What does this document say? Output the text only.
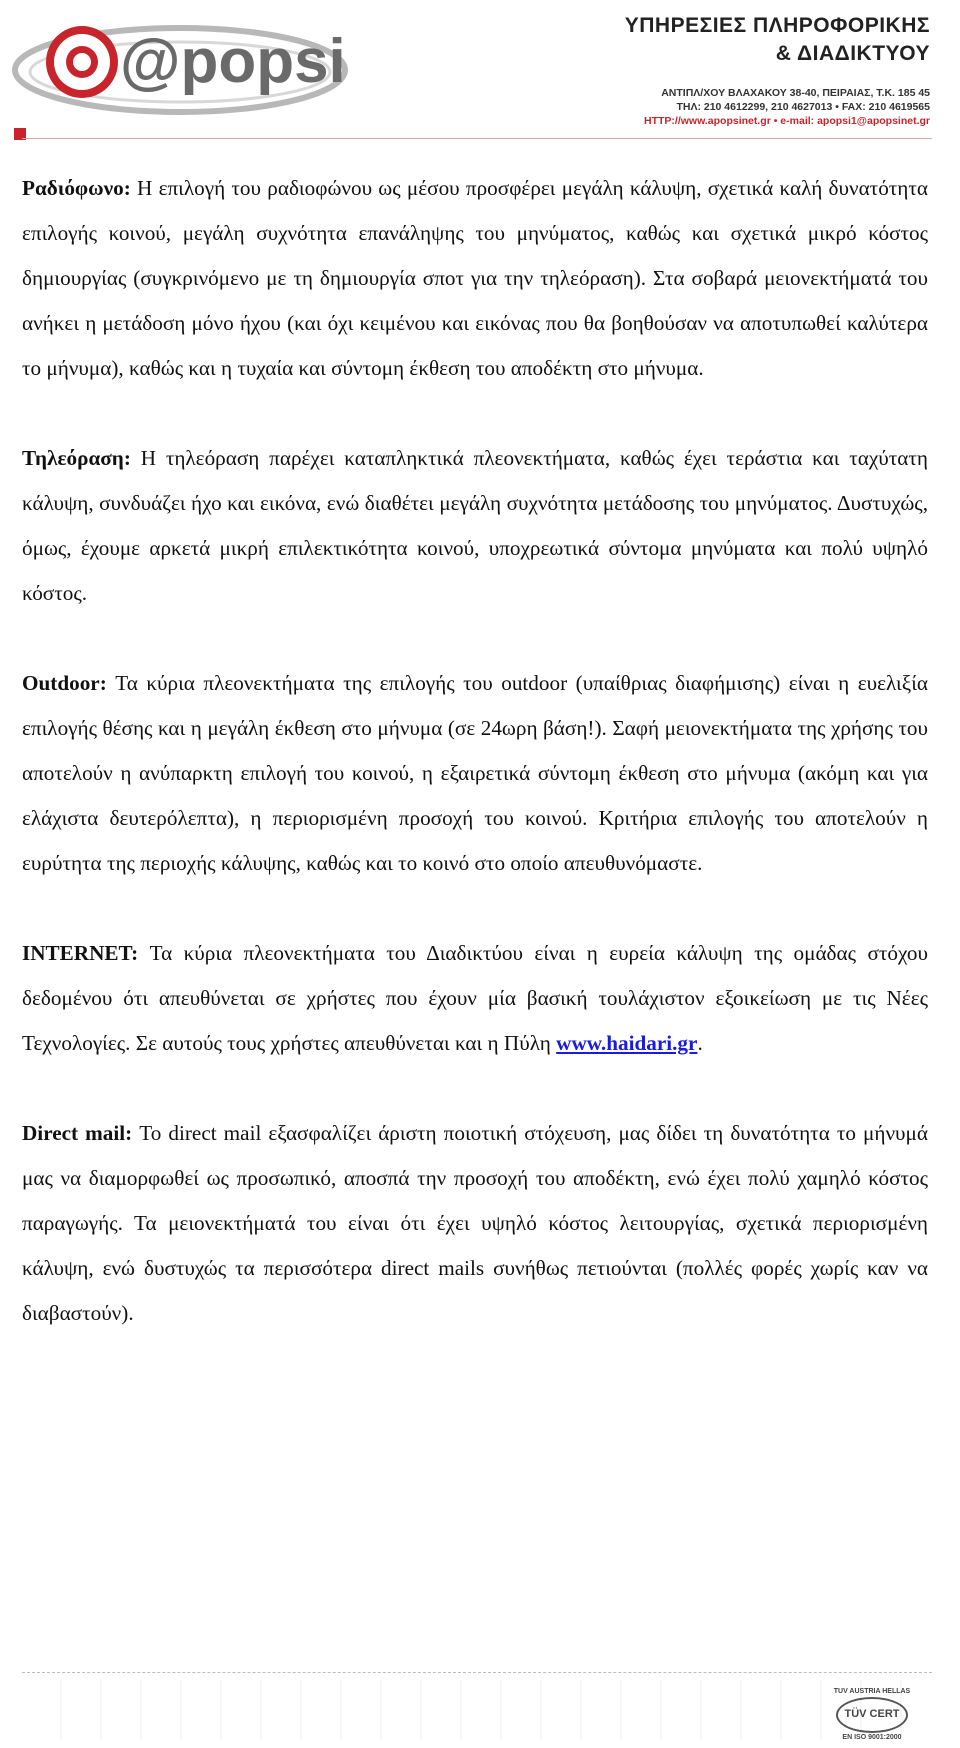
@popsi
ΥΠΗΡΕΣΙΕΣ ΠΛΗΡΟΦΟΡΙΚΗΣ
& ΔΙΑΔΙΚΤΥΟΥ
ΑΝΤΙΠΛ/ΧΟΥ ΒΛΑΧΑΚΟΥ 38-40, ΠΕΙΡΑΙΑΣ, Τ.Κ. 185 45
ΤΗΛ: 210 4612299, 210 4627013 • FAX: 210 4619565
HTTP://www.apopsinet.gr • e-mail: apopsi1@apopsinet.gr

Ραδιόφωνο: Η επιλογή του ραδιοφώνου ως μέσου προσφέρει μεγάλη κάλυψη, σχετικά καλή δυνατότητα επιλογής κοινού, μεγάλη συχνότητα επανάληψης του μηνύματος, καθώς και σχετικά μικρό κόστος δημιουργίας (συγκρινόμενο με τη δημιουργία σποτ για την τηλεόραση). Στα σοβαρά μειονεκτήματά του ανήκει η μετάδοση μόνο ήχου (και όχι κειμένου και εικόνας που θα βοηθούσαν να αποτυπωθεί καλύτερα το μήνυμα), καθώς και η τυχαία και σύντομη έκθεση του αποδέκτη στο μήνυμα.

Τηλεόραση: Η τηλεόραση παρέχει καταπληκτικά πλεονεκτήματα, καθώς έχει τεράστια και ταχύτατη κάλυψη, συνδυάζει ήχο και εικόνα, ενώ διαθέτει μεγάλη συχνότητα μετάδοσης του μηνύματος. Δυστυχώς, όμως, έχουμε αρκετά μικρή επιλεκτικότητα κοινού, υποχρεωτικά σύντομα μηνύματα και πολύ υψηλό κόστος.

Outdoor: Τα κύρια πλεονεκτήματα της επιλογής του outdoor (υπαίθριας διαφήμισης) είναι η ευελιξία επιλογής θέσης και η μεγάλη έκθεση στο μήνυμα (σε 24ωρη βάση!). Σαφή μειονεκτήματα της χρήσης του αποτελούν η ανύπαρκτη επιλογή του κοινού, η εξαιρετικά σύντομη έκθεση στο μήνυμα (ακόμη και για ελάχιστα δευτερόλεπτα), η περιορισμένη προσοχή του κοινού. Κριτήρια επιλογής του αποτελούν η ευρύτητα της περιοχής κάλυψης, καθώς και το κοινό στο οποίο απευθυνόμαστε.

INTERNET: Τα κύρια πλεονεκτήματα του Διαδικτύου είναι η ευρεία κάλυψη της ομάδας στόχου δεδομένου ότι απευθύνεται σε χρήστες που έχουν μία βασική τουλάχιστον εξοικείωση με τις Νέες Τεχνολογίες. Σε αυτούς τους χρήστες απευθύνεται και η Πύλη www.haidari.gr.

Direct mail: Το direct mail εξασφαλίζει άριστη ποιοτική στόχευση, μας δίδει τη δυνατότητα το μήνυμά μας να διαμορφωθεί ως προσωπικό, αποσπά την προσοχή του αποδέκτη, ενώ έχει πολύ χαμηλό κόστος παραγωγής. Τα μειονεκτήματά του είναι ότι έχει υψηλό κόστος λειτουργίας, σχετικά περιορισμένη κάλυψη, ενώ δυστυχώς τα περισσότερα direct mails συνήθως πετιούνται (πολλές φορές χωρίς καν να διαβαστούν).

TUV AUSTRIA HELLAS
TÜV CERT
EN ISO 9001:2000
